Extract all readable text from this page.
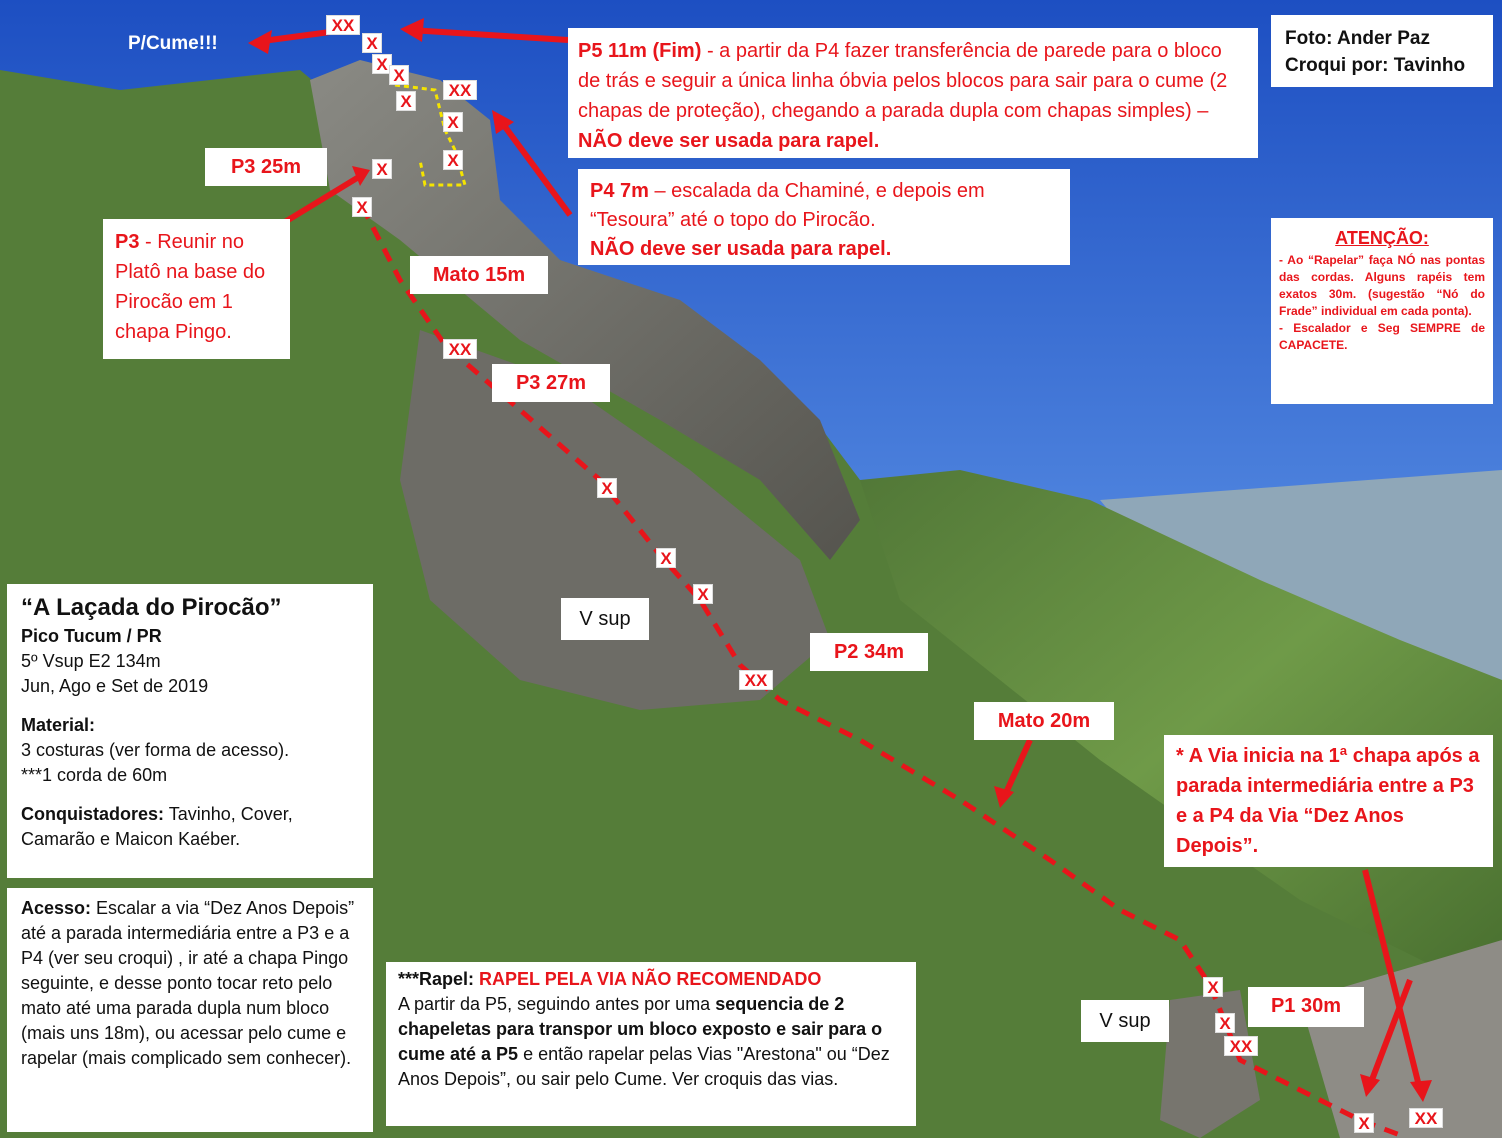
Foto: Ander Paz

Croqui por: Tavinho

P/Cume!!!	P5 11m (Fim) - a partir da P4 fazer transferência de parede para o bloco de trás e seguir a única linha óbvia pelos blocos para sair para o cume (2 chapas de proteção), chegando a parada dupla com chapas simples) – NÃO deve ser usada para rapel.
P4 7m – escalada da Chaminé, e depois em “Tesoura” até o topo do Pirocão.
NÃO deve ser usada para rapel.
P3 - Reunir no Platô na base do Pirocão em 1 chapa Pingo.
ATENÇÃO:

- Ao “Rapelar” faça NÓ nas pontas das cordas. Alguns rapéis tem exatos 30m. (sugestão “Nó do Frade” individual em cada ponta).

- Escalador e Seg SEMPRE de CAPACETE.

P3 25m
Mato 15m
P3 27m
V sup
P2 34m
Mato 20m
P1 30m
V sup
XX
X
X
X
X
XX
X
X
X
X
XX
X
X
X
XX
X
X
XX
X	XX
“A Laçada do Pirocão”
Pico Tucum / PR
5º Vsup E2 134m
Jun, Ago e Set de 2019
Material:
3 costuras (ver forma de acesso).
***1 corda de 60m
Conquistadores: Tavinho, Cover, Camarão e Maicon Kaéber.
Acesso: Escalar a via “Dez Anos Depois” até a parada intermediária entre a P3 e a P4 (ver seu croqui) , ir até a chapa Pingo seguinte, e desse ponto tocar reto pelo mato até uma parada dupla num bloco (mais uns 18m), ou acessar pelo cume e rapelar (mais complicado sem conhecer).
***Rapel: RAPEL PELA VIA NÃO RECOMENDADO
A partir da P5, seguindo antes por uma sequencia de 2 chapeletas para transpor um bloco exposto e sair para o cume até a P5 e então rapelar pelas Vias "Arestona" ou “Dez Anos Depois”, ou sair pelo Cume. Ver croquis das vias.
* A Via inicia na 1ª chapa após a parada intermediária entre a P3 e a P4 da Via “Dez Anos Depois”.
